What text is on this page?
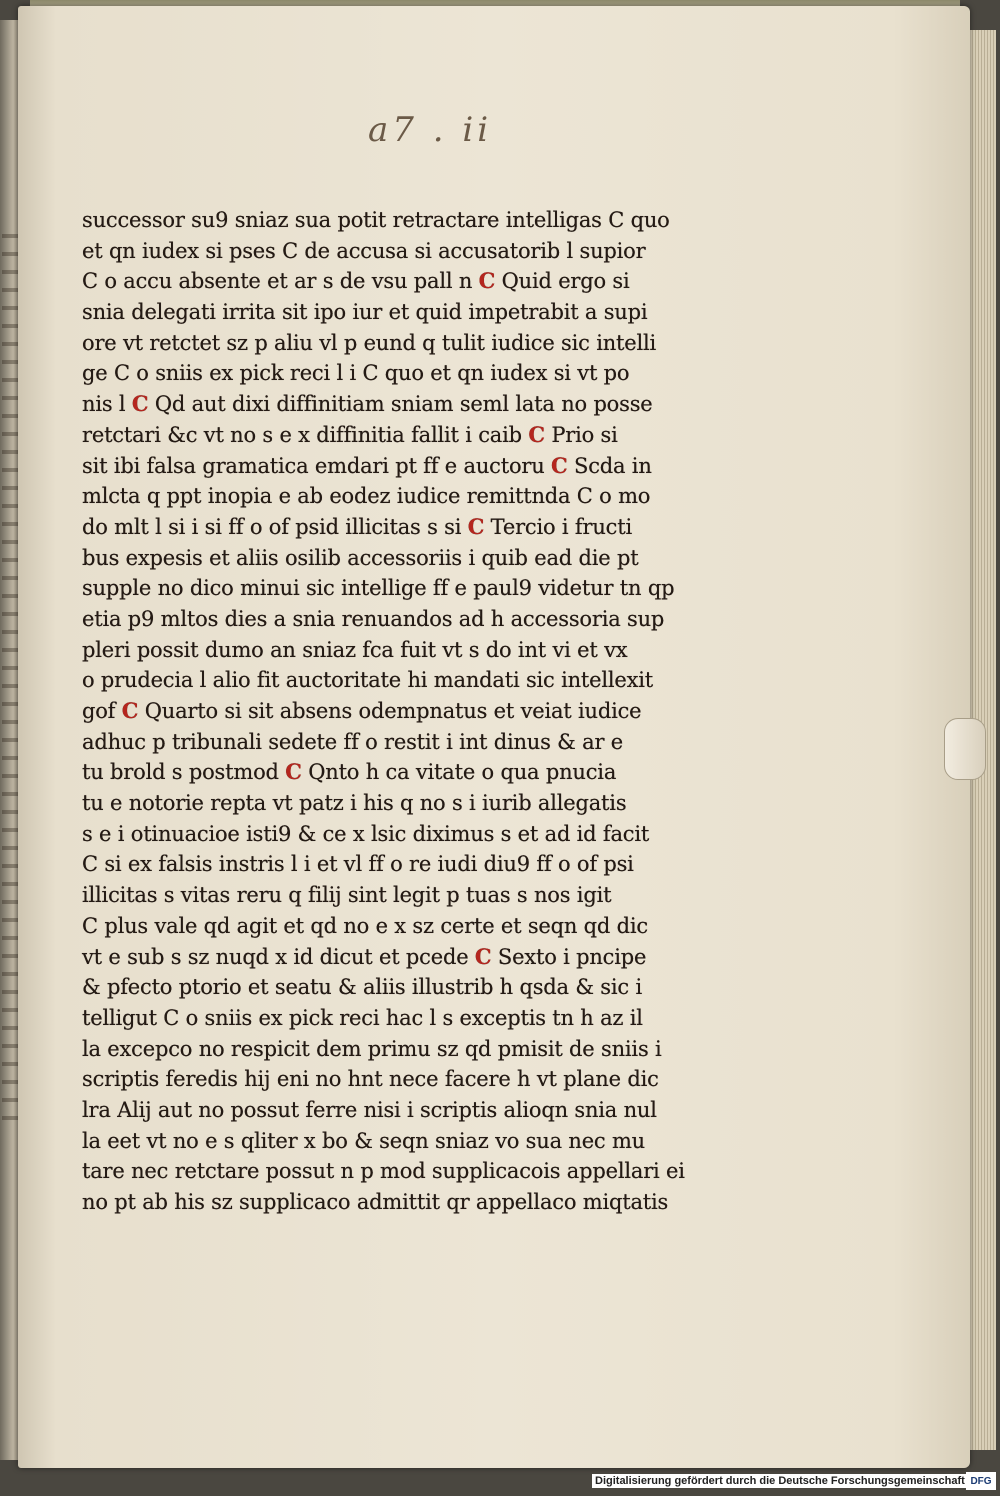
a7 . ii
successor su9 sniaz sua potit retractare intelligas C quo
et qn iudex si pses C de accusa si accusatorib l supior
C o accu absente et ar s de vsu pall n C Quid ergo si
snia delegati irrita sit ipo iur et quid impetrabit a supi
ore vt retctet sz p aliu vl p eund q tulit iudice sic intelli
ge C o sniis ex pick reci l i C quo et qn iudex si vt po
nis l C Qd aut dixi diffinitiam sniam seml lata no posse
retctari &c vt no s e x diffinitia fallit i caib C Prio si
sit ibi falsa gramatica emdari pt ff e auctoru C Scda in
mlcta q ppt inopia e ab eodez iudice remittnda C o mo
do mlt l si i si ff o of psid illicitas s si C Tercio i fructi
bus expesis et aliis osilib accessoriis i quib ead die pt
supple no dico minui sic intellige ff e paul9 videtur tn qp
etia p9 mltos dies a snia renuandos ad h accessoria sup
pleri possit dumo an sniaz fca fuit vt s do int vi et vx
o prudecia l alio fit auctoritate hi mandati sic intellexit
gof C Quarto si sit absens odempnatus et veiat iudice
adhuc p tribunali sedete ff o restit i int dinus & ar e
tu brold s postmod C Qnto h ca vitate o qua pnucia
tu e notorie repta vt patz i his q no s i iurib allegatis
s e i otinuacioe isti9 & ce x lsic diximus s et ad id facit
C si ex falsis instris l i et vl ff o re iudi diu9 ff o of psi
illicitas s vitas reru q filij sint legit p tuas s nos igit
C plus vale qd agit et qd no e x sz certe et seqn qd dic
vt e sub s sz nuqd x id dicut et pcede C Sexto i pncipe
& pfecto ptorio et seatu & aliis illustrib h qsda & sic i
telligut C o sniis ex pick reci hac l s exceptis tn h az il
la excepco no respicit dem primu sz qd pmisit de sniis i
scriptis feredis hij eni no hnt nece facere h vt plane dic
lra Alij aut no possut ferre nisi i scriptis alioqn snia nul
la eet vt no e s qliter x bo & seqn sniaz vo sua nec mu
tare nec retctare possut n p mod supplicacois appellari ei
no pt ab his sz supplicaco admittit qr appellaco miqtatis
Digitalisierung gefördert durch die Deutsche Forschungsgemeinschaft DFG
